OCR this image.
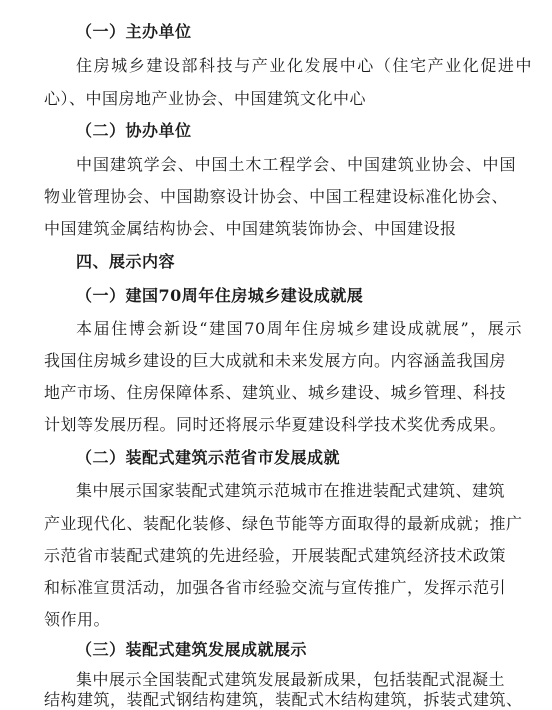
（一）主办单位
住房城乡建设部科技与产业化发展中心（住宅产业化促进中
心）、中国房地产业协会、中国建筑文化中心
（二）协办单位
中国建筑学会、中国土木工程学会、中国建筑业协会、中国
物业管理协会、中国勘察设计协会、中国工程建设标准化协会、
中国建筑金属结构协会、中国建筑装饰协会、中国建设报
四、展示内容
（一）建国70周年住房城乡建设成就展
本届住博会新设“建国70周年住房城乡建设成就展”，展示
我国住房城乡建设的巨大成就和未来发展方向。内容涵盖我国房
地产市场、住房保障体系、建筑业、城乡建设、城乡管理、科技
计划等发展历程。同时还将展示华夏建设科学技术奖优秀成果。
（二）装配式建筑示范省市发展成就
集中展示国家装配式建筑示范城市在推进装配式建筑、建筑
产业现代化、装配化装修、绿色节能等方面取得的最新成就；推广
示范省市装配式建筑的先进经验，开展装配式建筑经济技术政策
和标准宣贯活动，加强各省市经验交流与宣传推广，发挥示范引
领作用。
（三）装配式建筑发展成就展示
集中展示全国装配式建筑发展最新成果，包括装配式混凝土
结构建筑，装配式钢结构建筑，装配式木结构建筑，拆装式建筑、
